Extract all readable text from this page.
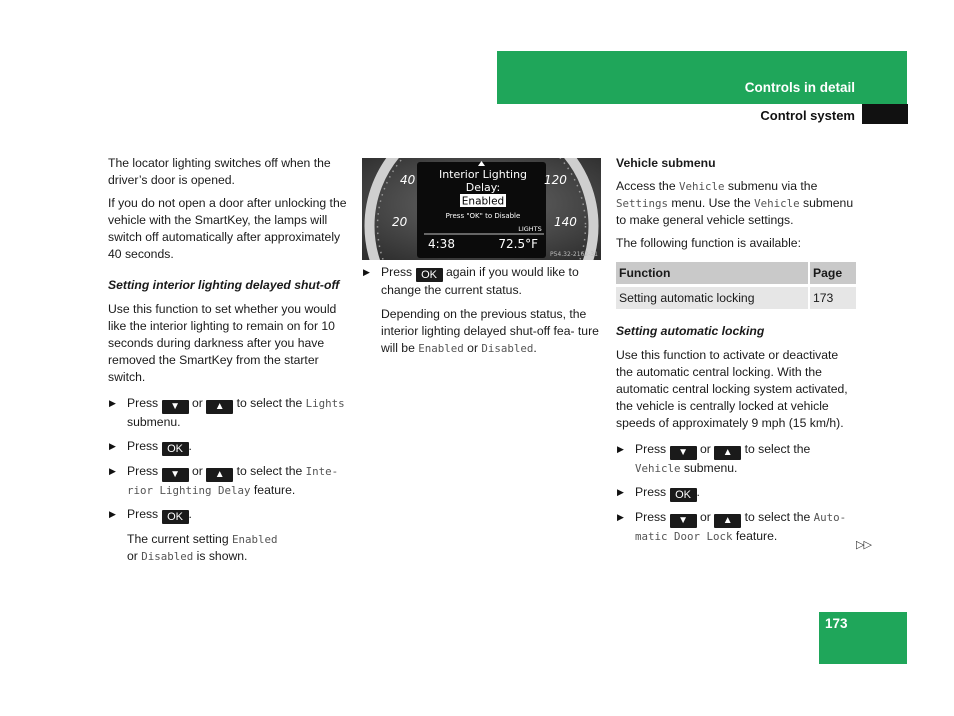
Controls in detail
Control system

The locator lighting switches off when the driver’s door is opened.

If you do not open a door after unlocking the vehicle with the SmartKey, the lamps will switch off automatically after approximately 40 seconds.

Setting interior lighting delayed shut-off

Use this function to set whether you would like the interior lighting to remain on for 10 seconds during darkness after you have removed the SmartKey from the starter switch.

▶ Press ▼ or ▲ to select the Lights submenu.
▶ Press OK .
▶ Press ▼ or ▲ to select the Inte- rior Lighting Delay feature.
▶ Press OK .
The current setting Enabled
or Disabled is shown.
Interior Lighting
Delay:
Enabled
Press "OK" to Disable
LIGHTS
4:38	72.5°F
40
20
120
140
P54.32-2162-31
▶ Press OK again if you would like to change the current status.

Depending on the previous status, the interior lighting delayed shut-off fea- ture will be Enabled or Disabled.

Vehicle submenu

Access the Vehicle submenu via the Settings menu. Use the Vehicle submenu to make general vehicle settings.

The following function is available:

Function	Page
Setting automatic locking	173

Setting automatic locking

Use this function to activate or deactivate the automatic central locking. With the automatic central locking system activated, the vehicle is centrally locked at vehicle speeds of approximately 9 mph (15 km/h).

▶ Press ▼ or ▲ to select the Vehicle submenu.
▶ Press OK .
▶ Press ▼ or ▲ to select the Auto- matic Door Lock feature.
▷▷
173
